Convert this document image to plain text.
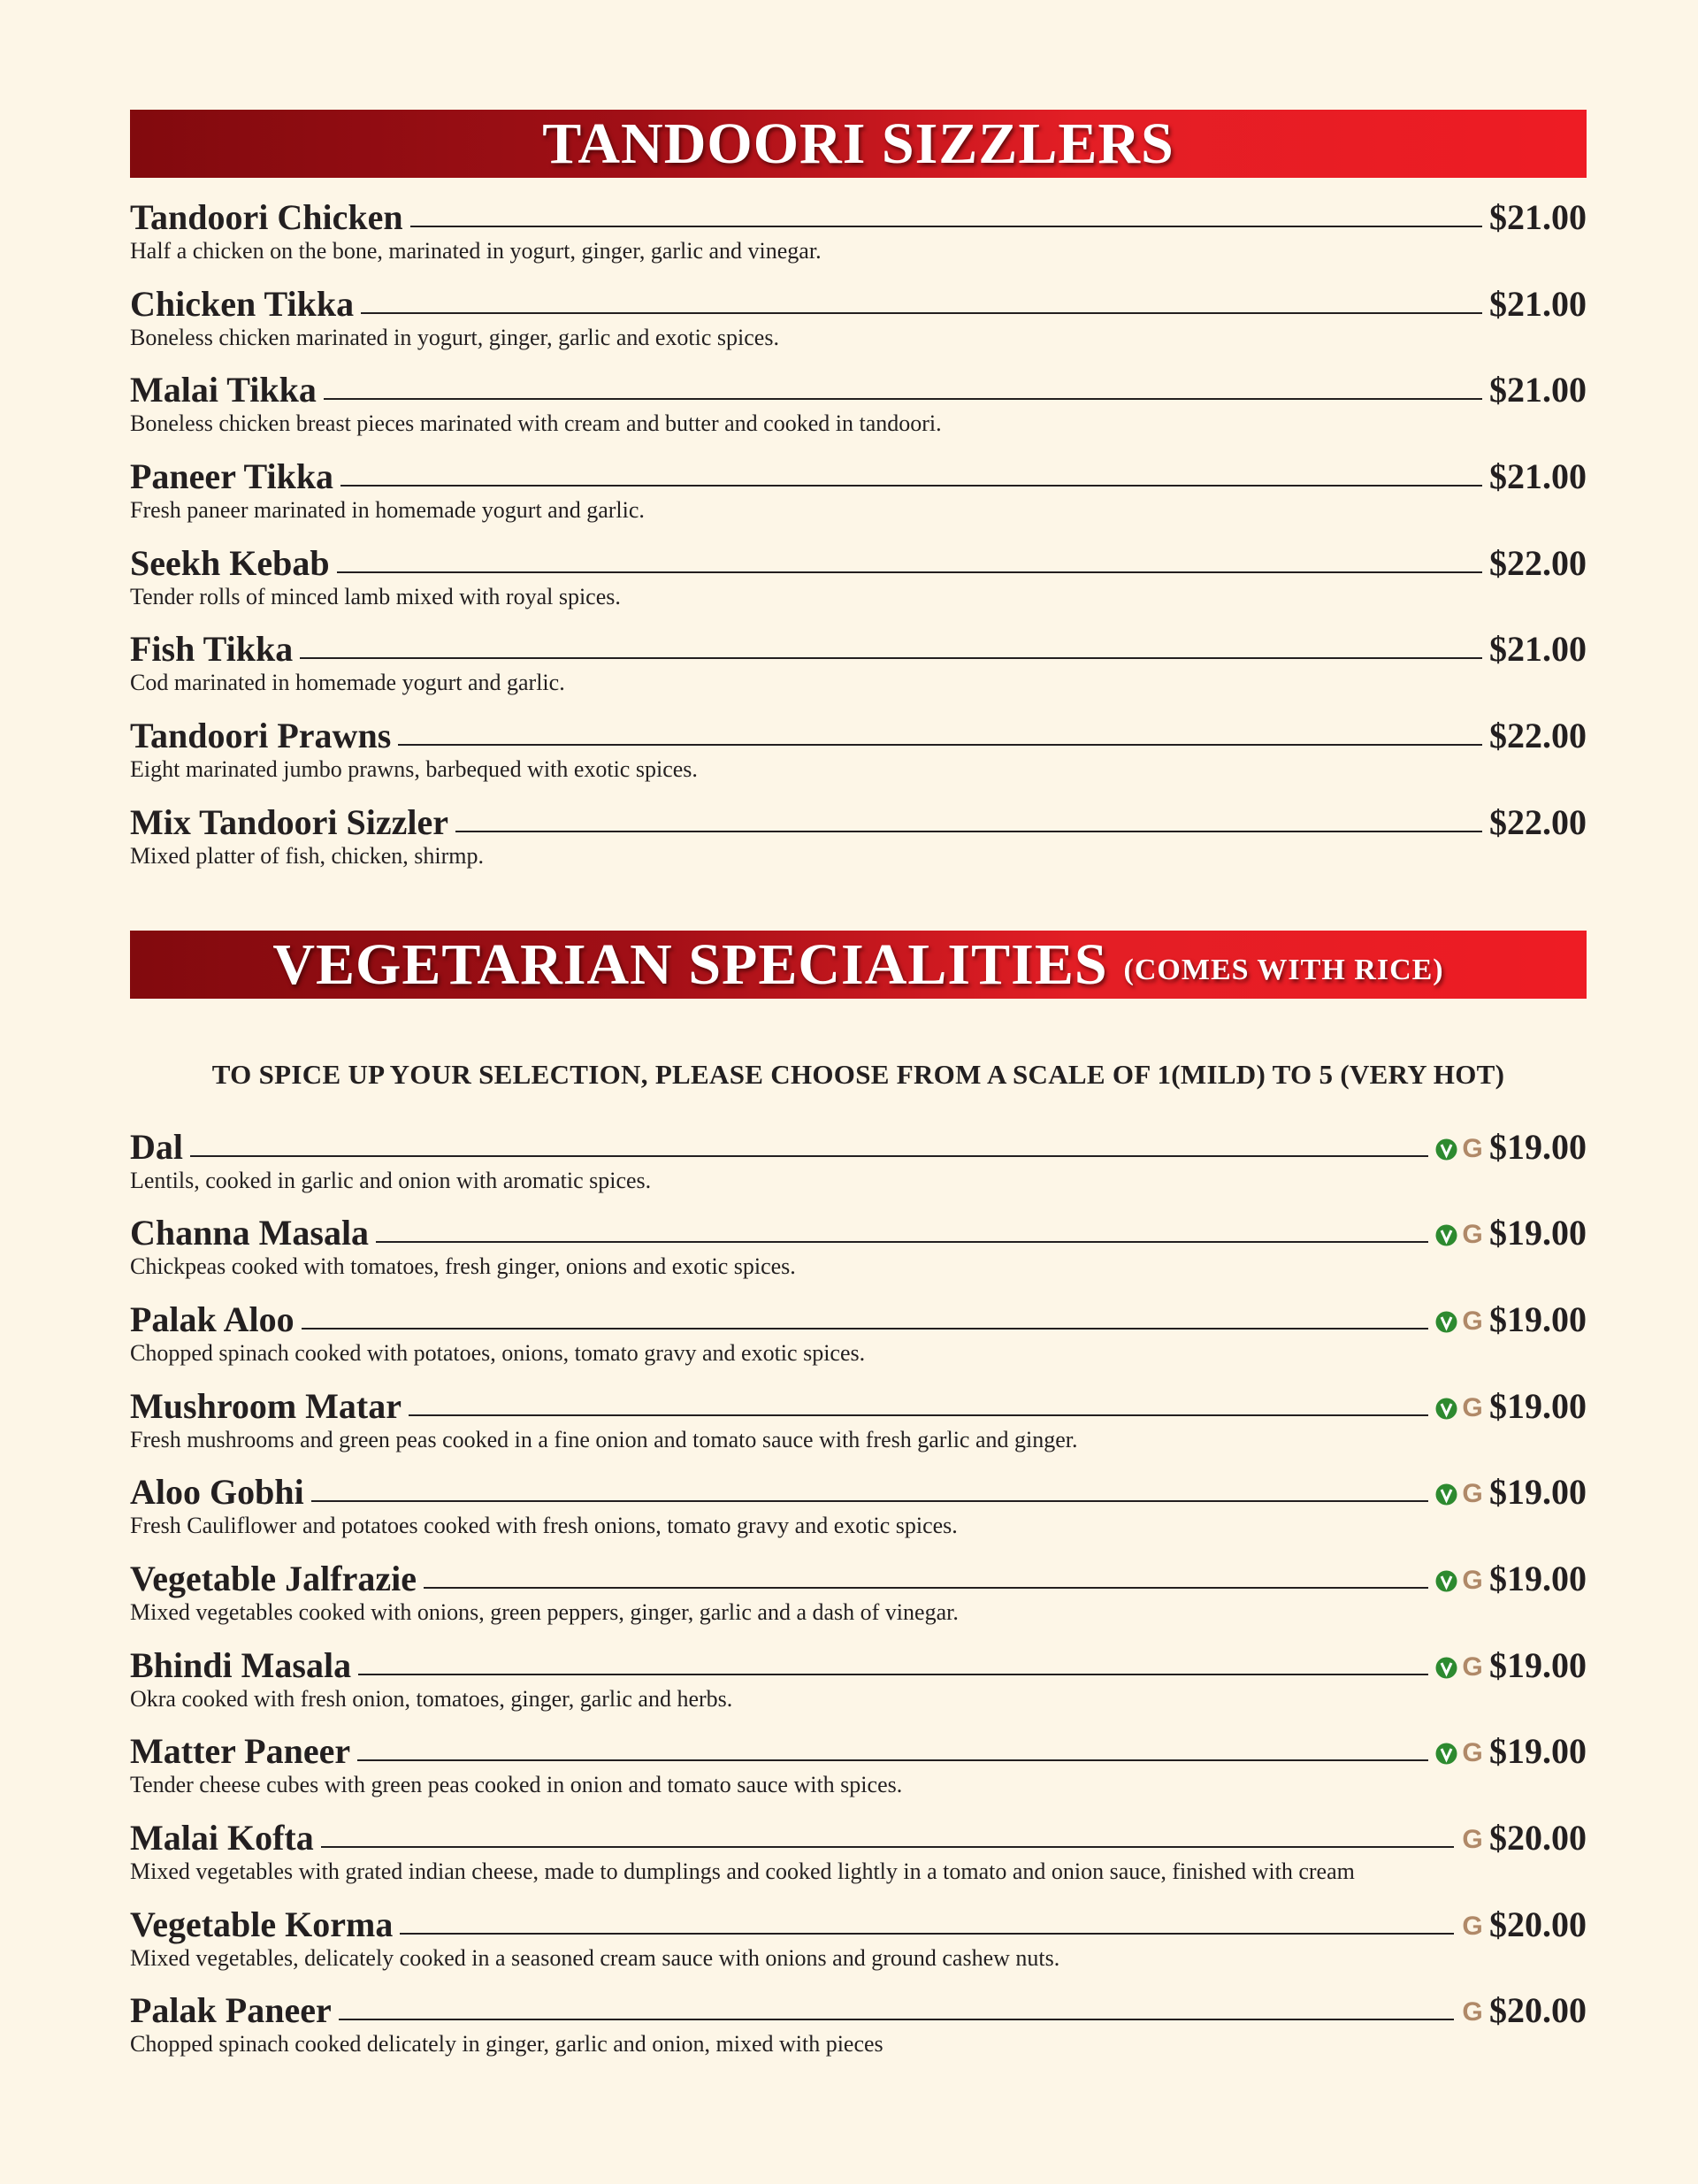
TANDOORI SIZZLERS
Tandoori Chicken	$21.00
Half a chicken on the bone, marinated in yogurt, ginger, garlic and vinegar.
Chicken Tikka	$21.00
Boneless chicken marinated in yogurt, ginger, garlic and exotic spices.
Malai Tikka	$21.00
Boneless chicken breast pieces marinated with cream and butter and cooked in tandoori.
Paneer Tikka	$21.00
Fresh paneer marinated in homemade yogurt and garlic.
Seekh Kebab	$22.00
Tender rolls of minced lamb mixed with royal spices.
Fish Tikka	$21.00
Cod marinated in homemade yogurt and garlic.
Tandoori Prawns	$22.00
Eight marinated jumbo prawns, barbequed with exotic spices.
Mix Tandoori Sizzler	$22.00
Mixed platter of fish, chicken, shirmp.
VEGETARIAN SPECIALITIES (COMES WITH RICE)
TO SPICE UP YOUR SELECTION, PLEASE CHOOSE FROM A SCALE OF 1(MILD) TO 5 (VERY HOT)
Dal	G $19.00
Lentils, cooked in garlic and onion with aromatic spices.
Channa Masala	G $19.00
Chickpeas cooked with tomatoes, fresh ginger, onions and exotic spices.
Palak Aloo	G $19.00
Chopped spinach cooked with potatoes, onions, tomato gravy and exotic spices.
Mushroom Matar	G $19.00
Fresh mushrooms and green peas cooked in a fine onion and tomato sauce with fresh garlic and ginger.
Aloo Gobhi	G $19.00
Fresh Cauliflower and potatoes cooked with fresh onions, tomato gravy and exotic spices.
Vegetable Jalfrazie	G $19.00
Mixed vegetables cooked with onions, green peppers, ginger, garlic and a dash of vinegar.
Bhindi Masala	G $19.00
Okra cooked with fresh onion, tomatoes, ginger, garlic and herbs.
Matter Paneer	G $19.00
Tender cheese cubes with green peas cooked in onion and tomato sauce with spices.
Malai Kofta	G $20.00
Mixed vegetables with grated indian cheese, made to dumplings and cooked lightly in a tomato and onion sauce, finished with cream
Vegetable Korma	G $20.00
Mixed vegetables, delicately cooked in a seasoned cream sauce with onions and ground cashew nuts.
Palak Paneer	G $20.00
Chopped spinach cooked delicately in ginger, garlic and onion, mixed with pieces
